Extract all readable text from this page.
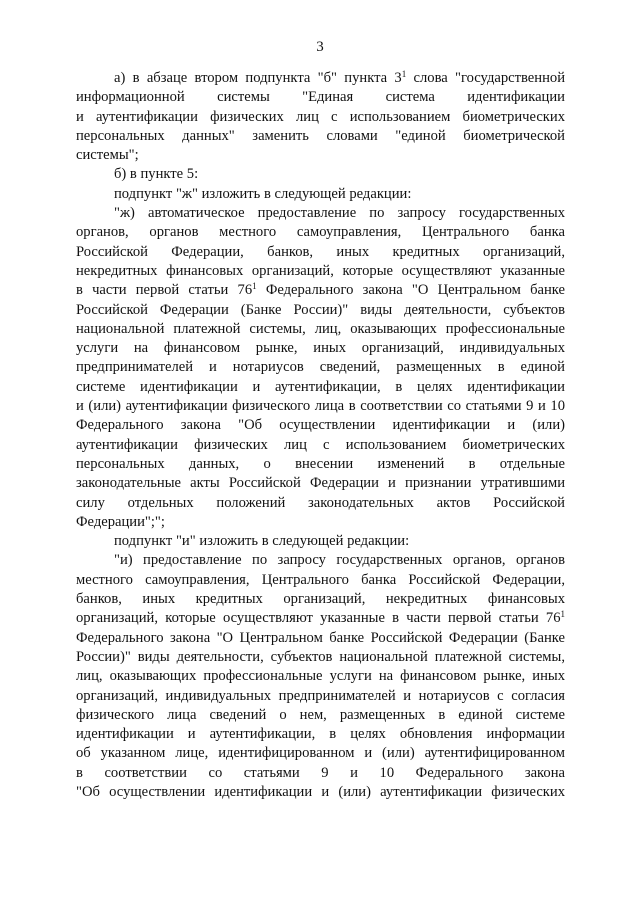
3
а) в абзаце втором подпункта "б" пункта $3^1$ слова "государственной
информационной системы "Единая система идентификации
и аутентификации физических лиц с использованием биометрических
персональных данных" заменить словами "единой биометрической
системы";
б) в пункте 5:
подпункт "ж" изложить в следующей редакции:
"ж) автоматическое предоставление по запросу государственных
органов, органов местного самоуправления, Центрального банка
Российской Федерации, банков, иных кредитных организаций,
некредитных финансовых организаций, которые осуществляют указанные
в части первой статьи $76^1$ Федерального закона "О Центральном банке
Российской Федерации (Банке России)" виды деятельности, субъектов
национальной платежной системы, лиц, оказывающих профессиональные
услуги на финансовом рынке, иных организаций, индивидуальных
предпринимателей и нотариусов сведений, размещенных в единой
системе идентификации и аутентификации, в целях идентификации
и (или) аутентификации физического лица в соответствии со статьями 9 и 10
Федерального закона "Об осуществлении идентификации и (или)
аутентификации физических лиц с использованием биометрических
персональных данных, о внесении изменений в отдельные
законодательные акты Российской Федерации и признании утратившими
силу отдельных положений законодательных актов Российской
Федерации";";
подпункт "и" изложить в следующей редакции:
"и) предоставление по запросу государственных органов, органов
местного самоуправления, Центрального банка Российской Федерации,
банков, иных кредитных организаций, некредитных финансовых
организаций, которые осуществляют указанные в части первой статьи $76^1$
Федерального закона "О Центральном банке Российской Федерации (Банке
России)" виды деятельности, субъектов национальной платежной системы,
лиц, оказывающих профессиональные услуги на финансовом рынке, иных
организаций, индивидуальных предпринимателей и нотариусов с согласия
физического лица сведений о нем, размещенных в единой системе
идентификации и аутентификации, в целях обновления информации
об указанном лице, идентифицированном и (или) аутентифицированном
в соответствии со статьями 9 и 10 Федерального закона
"Об осуществлении идентификации и (или) аутентификации физических
